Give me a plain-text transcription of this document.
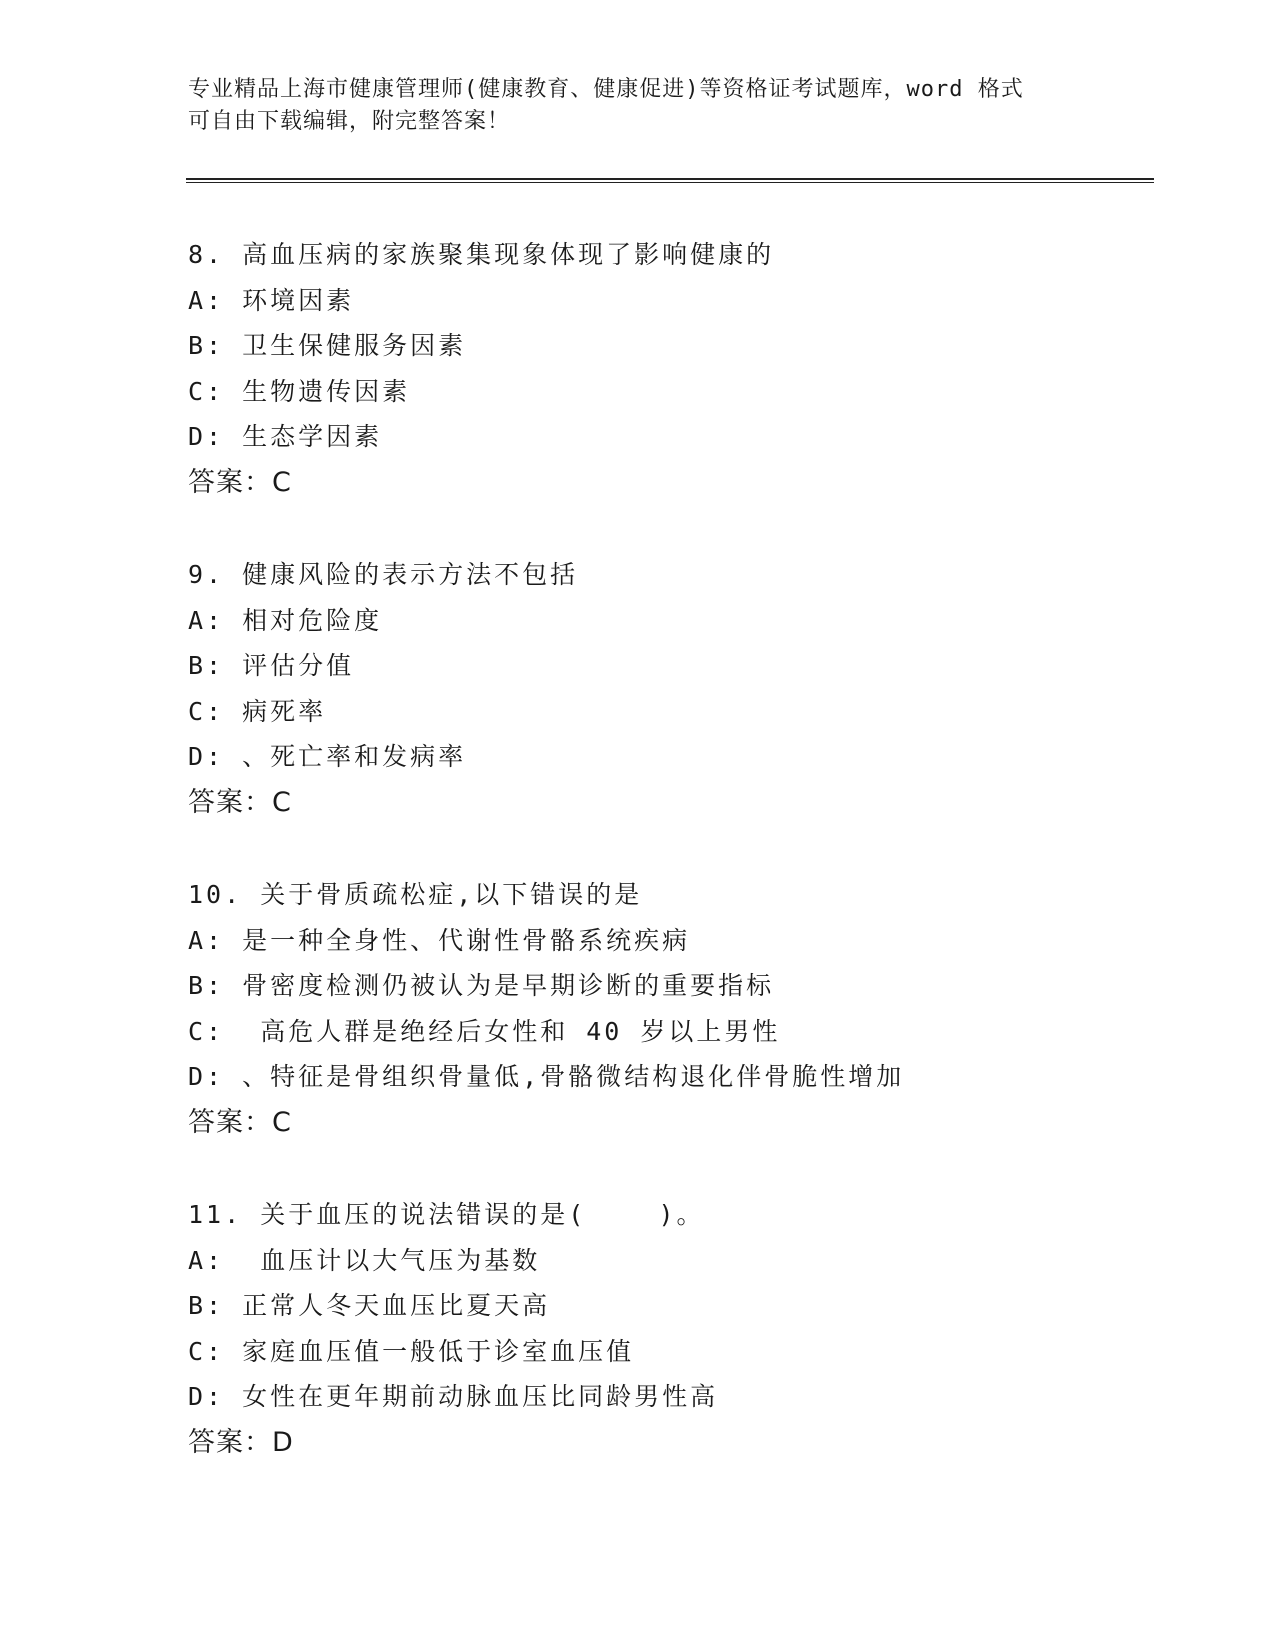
专业精品上海市健康管理师(健康教育、健康促进)等资格证考试题库，word 格式
可自由下载编辑，附完整答案！
8. 高血压病的家族聚集现象体现了影响健康的
A: 环境因素
B: 卫生保健服务因素
C: 生物遗传因素
D: 生态学因素
答案：C
9. 健康风险的表示方法不包括
A: 相对危险度
B: 评估分值
C: 病死率
D: 、死亡率和发病率
答案：C
10. 关于骨质疏松症,以下错误的是
A: 是一种全身性、代谢性骨骼系统疾病
B: 骨密度检测仍被认为是早期诊断的重要指标
C:  高危人群是绝经后女性和 40 岁以上男性
D: 、特征是骨组织骨量低,骨骼微结构退化伴骨脆性增加
答案：C
11. 关于血压的说法错误的是(    )。
A:  血压计以大气压为基数
B: 正常人冬天血压比夏天高
C: 家庭血压值一般低于诊室血压值
D: 女性在更年期前动脉血压比同龄男性高
答案：D
